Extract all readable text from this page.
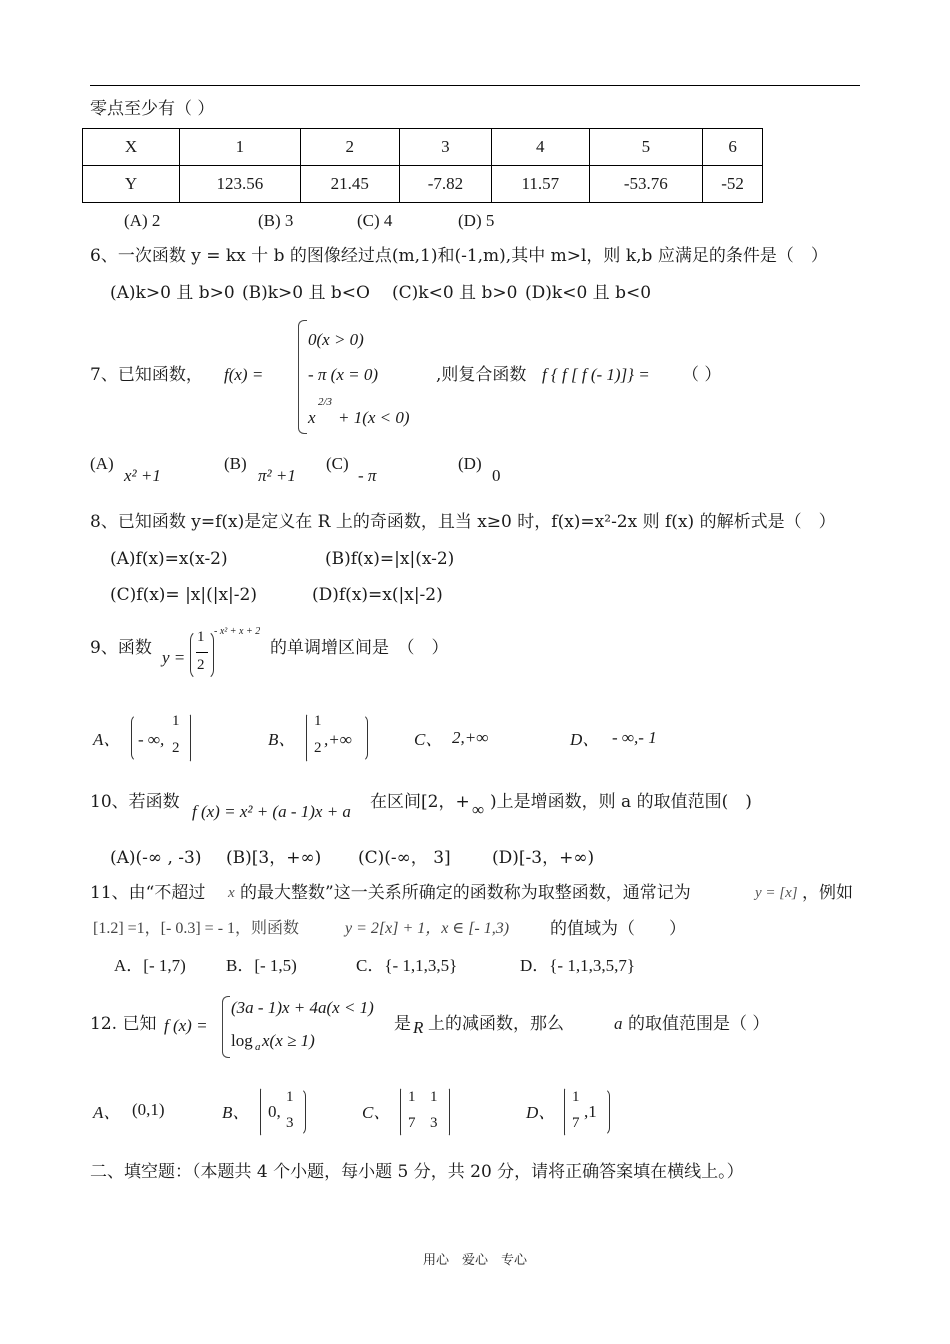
零点至少有（ ）
X	1	2	3	4	5	6
Y	123.56	21.45	-7.82	11.57	-53.76	-52
(A) 2	(B) 3	(C) 4	(D) 5
6、一次函数 y = kx 十 b 的图像经过点(m,1)和(-1,m),其中 m>l，则 k,b 应满足的条件是（　）
(A)k>0 且 b>0 (B)k>0 且 b<O (C)k<0 且 b>0 (D)k<0 且 b<0
7、已知函数， f(x) =
0(x > 0)
- π (x = 0)
x
2/3
+ 1(x < 0)
,则复合函数 f { f [ f (- 1)]} = （ ）
(A)
x² +1
(B)
π² +1
(C)
- π
(D)
0
8、已知函数 y=f(x)是定义在 R 上的奇函数，且当 x≥0 时，f(x)=x²-2x 则 f(x) 的解析式是（　）
(A)f(x)=x(x-2)	(B)f(x)=|x|(x-2)
(C)f(x)= |x|(|x|-2)	(D)f(x)=x(|x|-2)
9、函数 y =
1
2
- x² + x + 2
的单调增区间是　（　）
A、 - ∞,
1
2	B、
1
2 ,+∞	C、 2,+∞	D、 - ∞,- 1
10、若函数 f (x) = x² + (a - 1)x + a 在区间[2，+ ∞ )上是增函数，则 a 的取值范围(　)
(A)(-∞ , -3) (B)[3，+∞) (C)(-∞， 3] (D)[-3，+∞)
11、由“不超过 x 的最大整数”这一关系所确定的函数称为取整函数，通常记为	y = [x] ，例如
[1.2] =1，[- 0.3] = - 1，则函数	y = 2[x] + 1，x ∈ [- 1,3) 的值域为（　　）
A．[- 1,7) B．[- 1,5)	C．{- 1,1,3,5}	D．{- 1,1,3,5,7}
12. 已知 f (x) =
(3a - 1)x + 4a(x < 1)
log a x(x ≥ 1)
是 R 上的减函数，那么	a 的取值范围是（ ）
A、 (0,1)	B、 0,
1
3
C、
1
7
1
3
D、
1
7
,1
二、填空题：（本题共 4 个小题，每小题 5 分，共 20 分，请将正确答案填在横线上。）
用心　爱心　专心
